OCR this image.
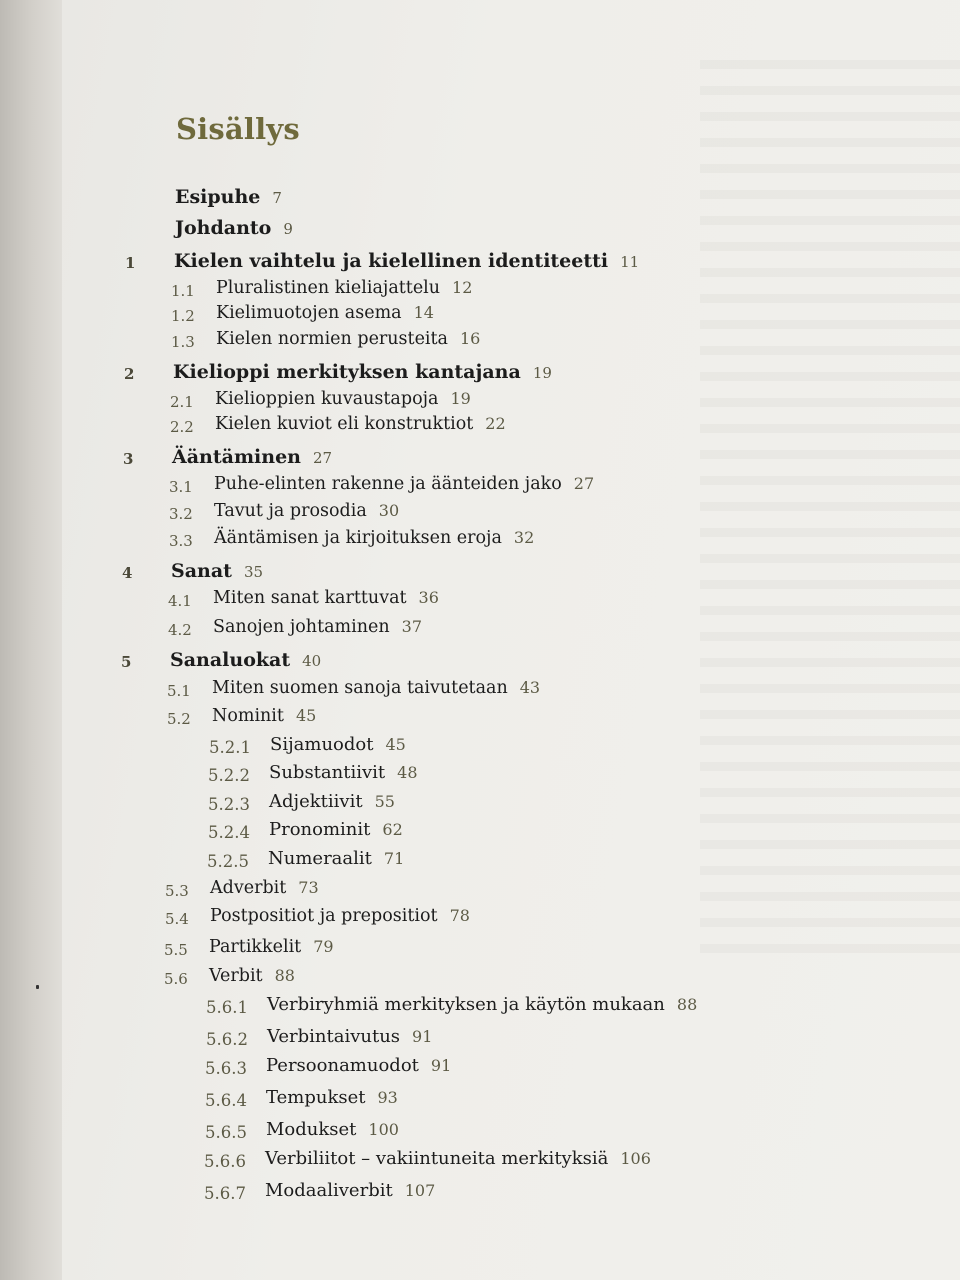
Sisällys
Esipuhe 7
Johdanto 9
1 Kielen vaihtelu ja kielellinen identiteetti 11
1.1 Pluralistinen kieliajattelu 12
1.2 Kielimuotojen asema 14
1.3 Kielen normien perusteita 16
2 Kielioppi merkityksen kantajana 19
2.1 Kielioppien kuvaustapoja 19
2.2 Kielen kuviot eli konstruktiot 22
3 Ääntäminen 27
3.1 Puhe-elinten rakenne ja äänteiden jako 27
3.2 Tavut ja prosodia 30
3.3 Ääntämisen ja kirjoituksen eroja 32
4 Sanat 35
4.1 Miten sanat karttuvat 36
4.2 Sanojen johtaminen 37
5 Sanaluokat 40
5.1 Miten suomen sanoja taivutetaan 43
5.2 Nominit 45
5.2.1 Sijamuodot 45
5.2.2 Substantiivit 48
5.2.3 Adjektiivit 55
5.2.4 Pronominit 62
5.2.5 Numeraalit 71
5.3 Adverbit 73
5.4 Postpositiot ja prepositiot 78
5.5 Partikkelit 79
5.6 Verbit 88
5.6.1 Verbiryhmiä merkityksen ja käytön mukaan 88
5.6.2 Verbintaivutus 91
5.6.3 Persoonamuodot 91
5.6.4 Tempukset 93
5.6.5 Modukset 100
5.6.6 Verbiliitot – vakiintuneita merkityksiä 106
5.6.7 Modaaliverbit 107
